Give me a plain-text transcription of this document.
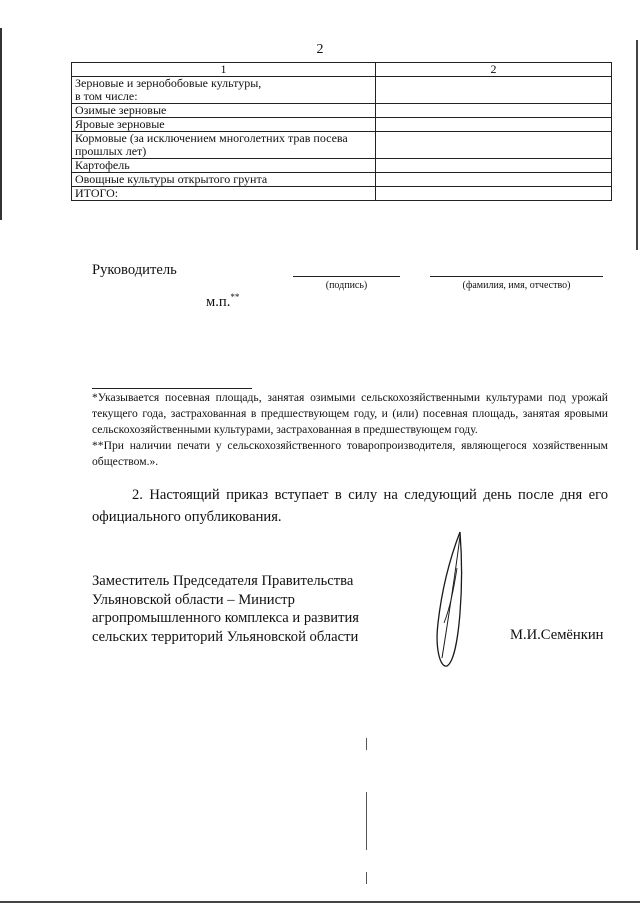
2
1	2
Зерновые и зернобобовые культуры,
в том числе:	
Озимые зерновые	
Яровые зерновые	
Кормовые (за исключением многолетних трав посева прошлых лет)	
Картофель	
Овощные культуры открытого грунта	
ИТОГО:	
Руководитель
(подпись)	(фамилия, имя, отчество)
м.п.**

*Указывается посевная площадь, занятая озимыми сельскохозяйственными культурами под урожай текущего года, застрахованная в предшествующем году, и (или) посевная площадь, занятая яровыми сельскохозяйственными культурами, застрахованная в предшествующем году.

**При наличии печати у сельскохозяйственного товаропроизводителя, являющегося хозяйственным обществом.».

2. Настоящий приказ вступает в силу на следующий день после дня его официального опубликования.
Заместитель Председателя Правительства
Ульяновской области – Министр
агропромышленного комплекса и развития
сельских территорий Ульяновской области	М.И.Семёнкин
